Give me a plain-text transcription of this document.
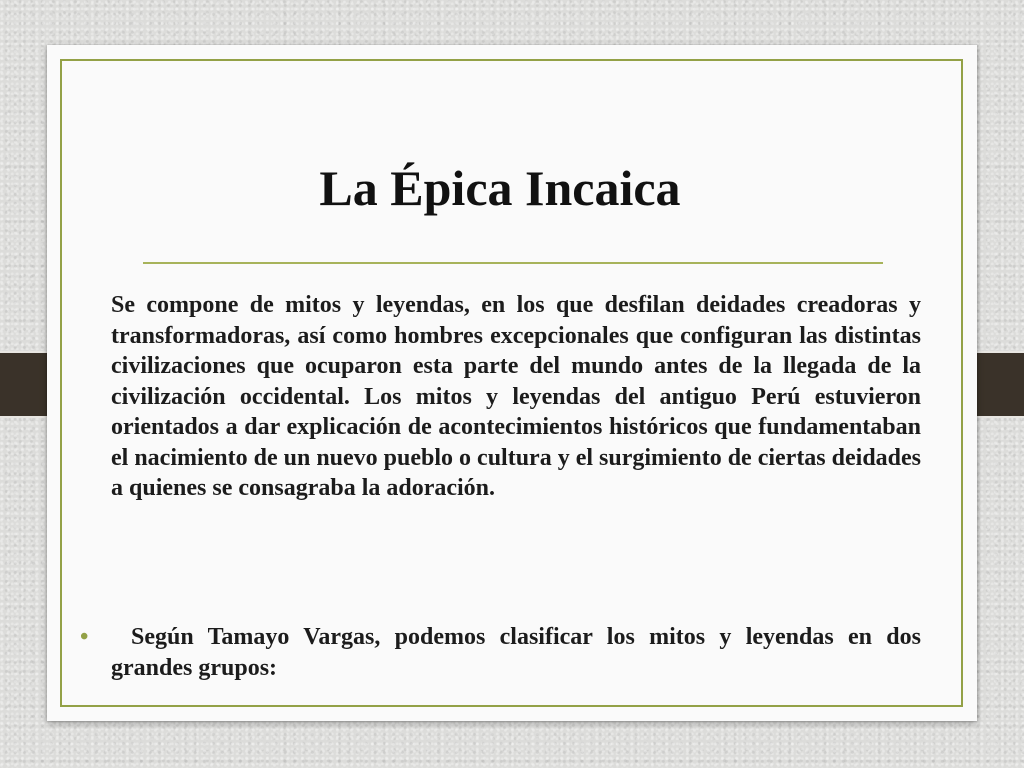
La Épica Incaica

Se compone de mitos y leyendas, en los que desfilan deidades creadoras y transformadoras, así como hombres excepcionales que configuran las distintas civilizaciones que ocuparon esta parte del mundo antes de la llegada de la civilización occidental. Los mitos y leyendas del antiguo Perú estuvieron orientados a dar explicación de acontecimientos históricos que fundamentaban el nacimiento de un nuevo pueblo o cultura y el surgimiento de ciertas deidades a quienes se consagraba la adoración.

•	Según Tamayo Vargas, podemos clasificar los mitos y leyendas en dos grandes grupos:
